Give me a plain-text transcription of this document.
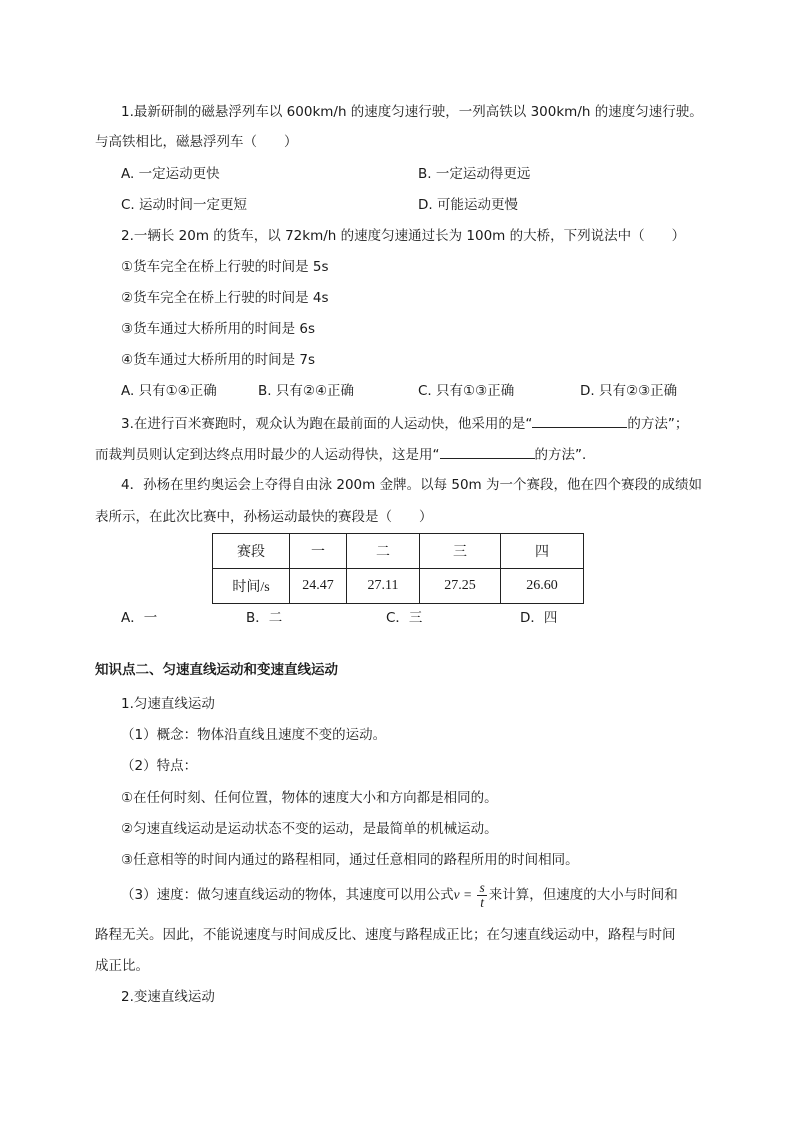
1.最新研制的磁悬浮列车以 600km/h 的速度匀速行驶，一列高铁以 300km/h 的速度匀速行驶。
与高铁相比，磁悬浮列车（　　）
A. 一定运动更快	B. 一定运动得更远
C. 运动时间一定更短	D. 可能运动更慢
2.一辆长 20m 的货车，以 72km/h 的速度匀速通过长为 100m 的大桥，下列说法中（　　）
①货车完全在桥上行驶的时间是 5s
②货车完全在桥上行驶的时间是 4s
③货车通过大桥所用的时间是 6s
④货车通过大桥所用的时间是 7s
A. 只有①④正确	B. 只有②④正确	C. 只有①③正确	D. 只有②③正确
3.在进行百米赛跑时，观众认为跑在最前面的人运动快，他采用的是“	的方法”；
而裁判员则认定到达终点用时最少的人运动得快，这是用“	的方法”．
4．孙杨在里约奥运会上夺得自由泳 200m 金牌。以每 50m 为一个赛段，他在四个赛段的成绩如
表所示，在此次比赛中，孙杨运动最快的赛段是（　　）
赛段	一	二	三	四
时间/s	24.47	27.11	27.25	26.60
A．一	B．二	C．三	D．四
知识点二、匀速直线运动和变速直线运动
1.匀速直线运动
（1）概念：物体沿直线且速度不变的运动。
（2）特点：
①在任何时刻、任何位置，物体的速度大小和方向都是相同的。
②匀速直线运动是运动状态不变的运动，是最简单的机械运动。
③任意相等的时间内通过的路程相同，通过任意相同的路程所用的时间相同。
（3）速度：做匀速直线运动的物体，其速度可以用公式$v = \frac{s}{t}$ 来计算，但速度的大小与时间和
路程无关。因此，不能说速度与时间成反比、速度与路程成正比；在匀速直线运动中，路程与时间
成正比。
2.变速直线运动
